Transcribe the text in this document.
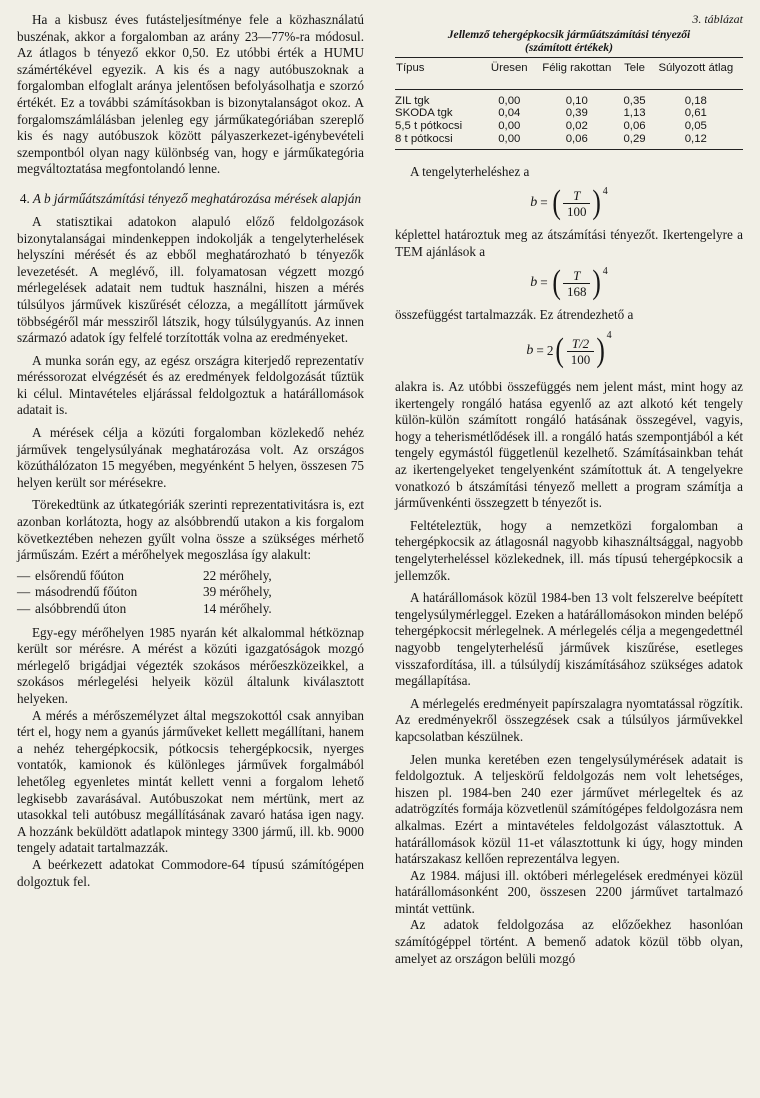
Ha a kisbusz éves futásteljesítménye fele a közhasználatú buszénak, akkor a forgalomban az arány 23—77%-ra módosul. Az átlagos b tényező ekkor 0,50. Ez utóbbi érték a HUMU számértékével egyezik. A kis és a nagy autóbuszoknak a forgalomban elfoglalt aránya jelentősen befolyásolhatja e szorzó értékét. Ez a további számításokban is bizonytalanságot okoz. A forgalomszámlálásban jelenleg egy járműkategóriában szereplő kis és nagy autóbuszok között pályaszerkezet-igénybevételi szempontból olyan nagy különbség van, hogy e járműkategória megváltoztatása megfontolandó lenne.

4. A b járműátszámítási tényező meghatározása mérések alapján

A statisztikai adatokon alapuló előző feldolgozások bizonytalanságai mindenkeppen indokolják a tengelyterhelések helyszíni mérését és az ebből meghatározható b tényezők levezetését. A meglévő, ill. folyamatosan végzett mozgó mérlegelések adatait nem tudtuk használni, hiszen a mérés túlsúlyos járművek kiszűrését célozza, a megállított járművek többségéről már messziről látszik, hogy túlsúlygyanús. Az innen származó adatok így felfelé torzították volna az eredményeket.

A munka során egy, az egész országra kiterjedő reprezentatív méréssorozat elvégzését és az eredmények feldolgozását tűztük ki célul. Mintavételes eljárással feldolgoztuk a határállomások adatait is.

A mérések célja a közúti forgalomban közlekedő nehéz járművek tengelysúlyának meghatározása volt. Az országos közúthálózaton 15 megyében, megyénként 5 helyen, összesen 75 helyen került sor mérésekre.

Törekedtünk az útkategóriák szerinti reprezentativitásra is, ezt azonban korlátozta, hogy az alsóbbrendű utakon a kis forgalom következtében nehezen gyűlt volna össze a szükséges mérhető járműszám. Ezért a mérőhelyek megoszlása így alakult:

— elsőrendű főúton	22 mérőhely,
— másodrendű főúton	39 mérőhely,
— alsóbbrendű úton	14 mérőhely.

Egy-egy mérőhelyen 1985 nyarán két alkalommal hétköznap került sor mérésre. A mérést a közúti igazgatóságok mozgó mérlegelő brigádjai végezték szokásos mérőeszközeikkel, a szokásos mérlegelési helyeik közül általunk kiválasztott helyeken.

A mérés a mérőszemélyzet által megszokottól csak annyiban tért el, hogy nem a gyanús járműveket kellett megállítani, hanem a nehéz tehergépkocsik, pótkocsis tehergépkocsik, nyerges vontatók, kamionok és különleges járművek forgalmából lehetőleg egyenletes mintát kellett venni a forgalom lehető legkisebb zavarásával. Autóbuszokat nem mértünk, mert az utasokkal teli autóbusz megállításának zavaró hatása igen nagy. A hozzánk beküldött adatlapok mintegy 3300 jármű, ill. kb. 9000 tengely adatait tartalmazzák.

A beérkezett adatokat Commodore-64 típusú számítógépen dolgoztuk fel.

3. táblázat
Jellemző tehergépkocsik járműátszámítási tényezői
(számított értékek)
Típus	Üresen	Félig rakottan	Tele	Súlyozott átlag
ZIL tgk	0,00	0,10	0,35	0,18
SKODA tgk	0,04	0,39	1,13	0,61
5,5 t pótkocsi	0,00	0,02	0,06	0,05
8 t pótkocsi	0,00	0,06	0,29	0,12

A tengelyterheléshez a

b = ( $\frac{T}{100}$ ) 4

képlettel határoztuk meg az átszámítási tényezőt. Ikertengelyre a TEM ajánlások a

b = ( $\frac{T}{168}$ ) 4

összefüggést tartalmazzák. Ez átrendezhető a

b = 2 ( $\frac{T/2}{100}$ ) 4

alakra is. Az utóbbi összefüggés nem jelent mást, mint hogy az ikertengely rongáló hatása egyenlő az azt alkotó két tengely külön-külön számított rongáló hatásának összegével, vagyis, hogy a teherismétlődések ill. a rongáló hatás szempontjából a két tengely egymástól függetlenül kezelhető. Számításainkban tehát az ikertengelyeket tengelyenként számítottuk át. A tengelyekre vonatkozó b átszámítási tényező mellett a program számítja a járművenkénti összegzett b tényezőt is.

Feltételeztük, hogy a nemzetközi forgalomban a tehergépkocsik az átlagosnál nagyobb kihasználtsággal, nagyobb tengelyterheléssel közlekednek, ill. más típusú tehergépkocsik a jellemzők.

A határállomások közül 1984-ben 13 volt felszerelve beépített tengelysúlymérleggel. Ezeken a határállomásokon minden belépő tehergépkocsit mérlegelnek. A mérlegelés célja a megengedettnél nagyobb tengelyterhelésű járművek kiszűrése, esetleges visszafordítása, ill. a túlsúlydíj kiszámításához szükséges adatok megállapítása.

A mérlegelés eredményeit papírszalagra nyomtatással rögzítik. Az eredményekről összegzések csak a túlsúlyos járművekkel kapcsolatban készülnek.

Jelen munka keretében ezen tengelysúlymérések adatait is feldolgoztuk. A teljeskörű feldolgozás nem volt lehetséges, hiszen pl. 1984-ben 240 ezer járművet mérlegeltek és az adatrögzítés formája közvetlenül számítógépes feldolgozásra nem alkalmas. Ezért a mintavételes feldolgozást választottuk. A határállomások közül 11-et választottunk ki úgy, hogy minden határszakasz kellően reprezentálva legyen.

Az 1984. májusi ill. októberi mérlegelések eredményei közül határállomásonként 200, összesen 2200 járművet tartalmazó mintát vettünk.

Az adatok feldolgozása az előzőekhez hasonlóan számítógéppel történt. A bemenő adatok közül több olyan, amelyet az országon belüli mozgó
